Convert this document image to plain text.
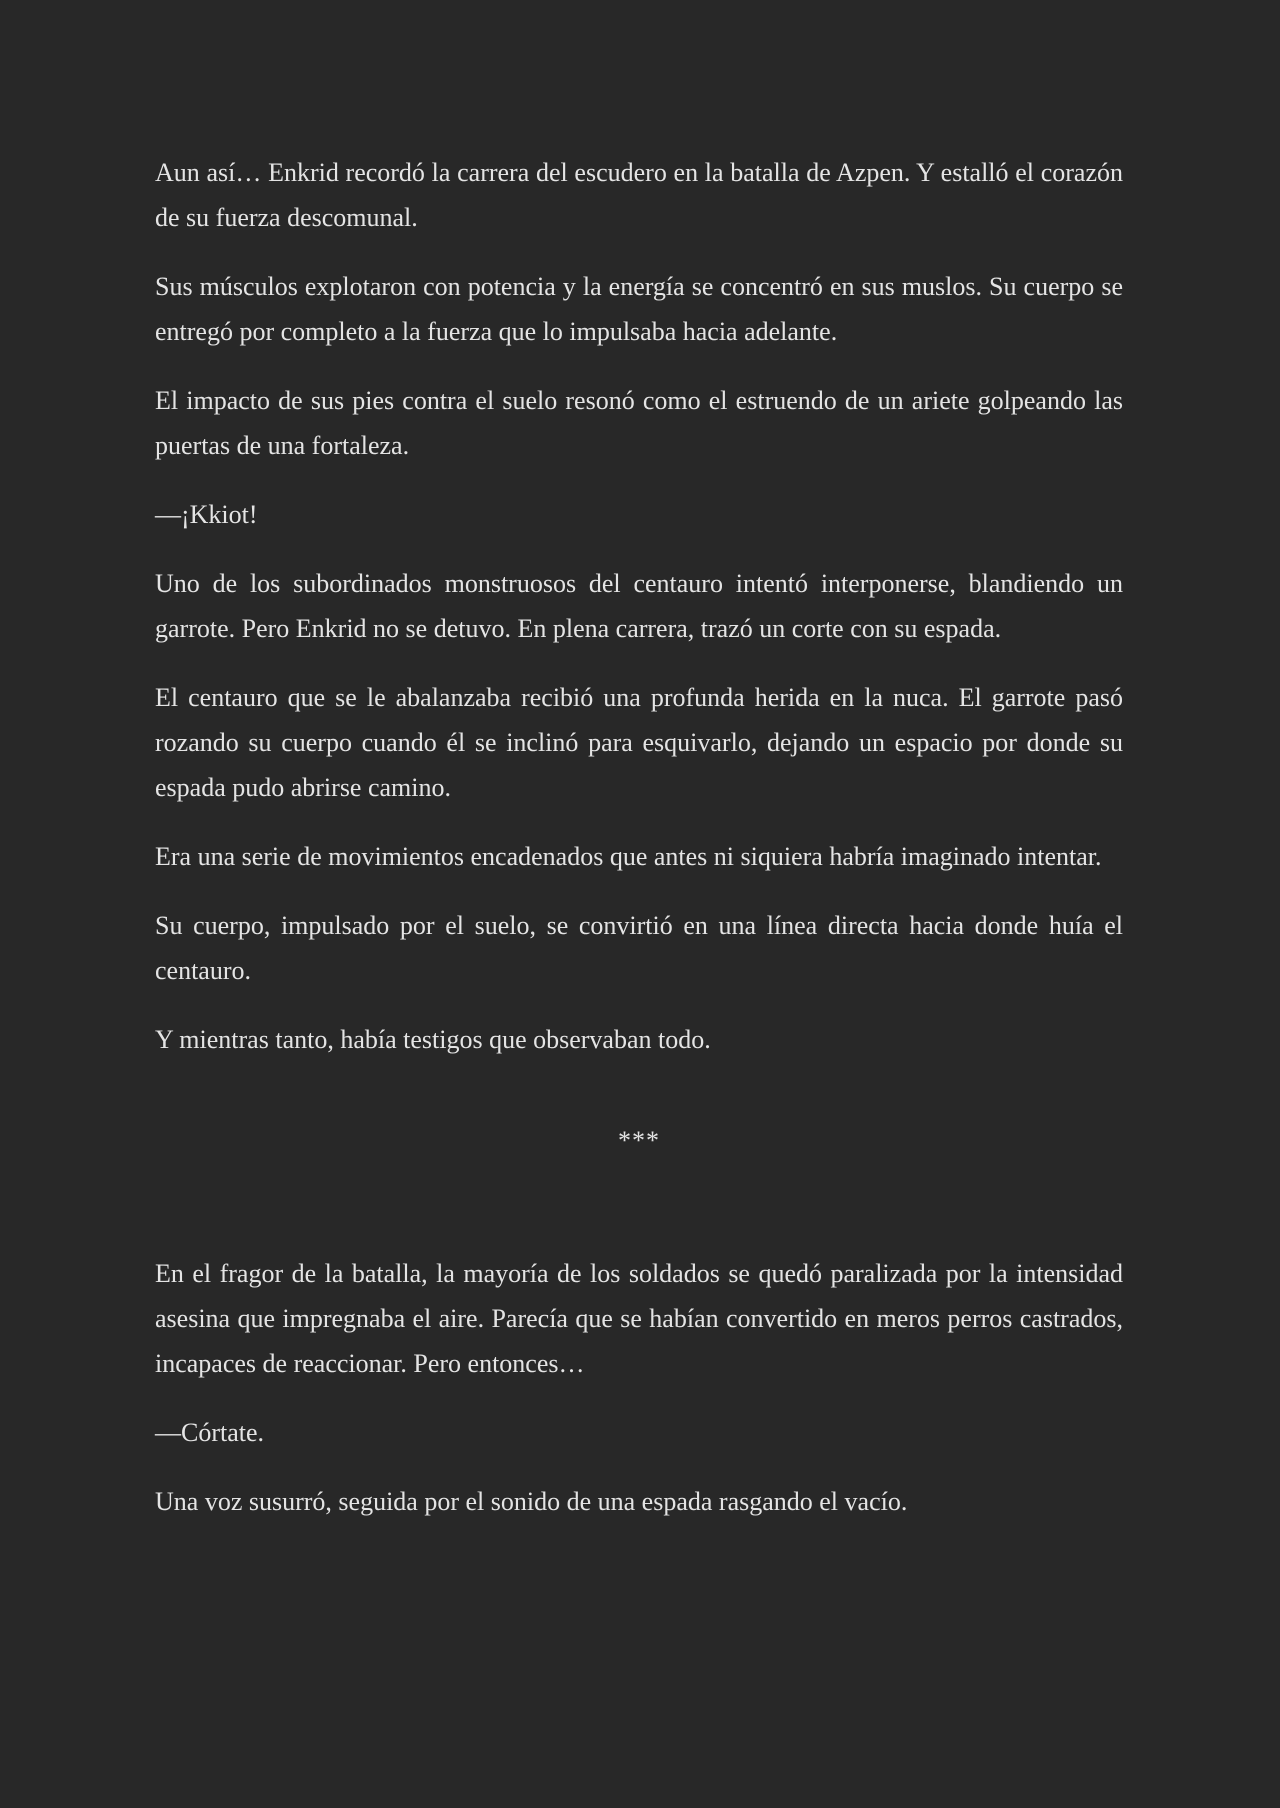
Aun así… Enkrid recordó la carrera del escudero en la batalla de Azpen. Y estalló el corazón de su fuerza descomunal.

Sus músculos explotaron con potencia y la energía se concentró en sus muslos. Su cuerpo se entregó por completo a la fuerza que lo impulsaba hacia adelante.

El impacto de sus pies contra el suelo resonó como el estruendo de un ariete golpeando las puertas de una fortaleza.

—¡Kkiot!

Uno de los subordinados monstruosos del centauro intentó interponerse, blandiendo un garrote. Pero Enkrid no se detuvo. En plena carrera, trazó un corte con su espada.

El centauro que se le abalanzaba recibió una profunda herida en la nuca. El garrote pasó rozando su cuerpo cuando él se inclinó para esquivarlo, dejando un espacio por donde su espada pudo abrirse camino.

Era una serie de movimientos encadenados que antes ni siquiera habría imaginado intentar.

Su cuerpo, impulsado por el suelo, se convirtió en una línea directa hacia donde huía el centauro.

Y mientras tanto, había testigos que observaban todo.

***

En el fragor de la batalla, la mayoría de los soldados se quedó paralizada por la intensidad asesina que impregnaba el aire. Parecía que se habían convertido en meros perros castrados, incapaces de reaccionar. Pero entonces…

—Córtate.

Una voz susurró, seguida por el sonido de una espada rasgando el vacío.
